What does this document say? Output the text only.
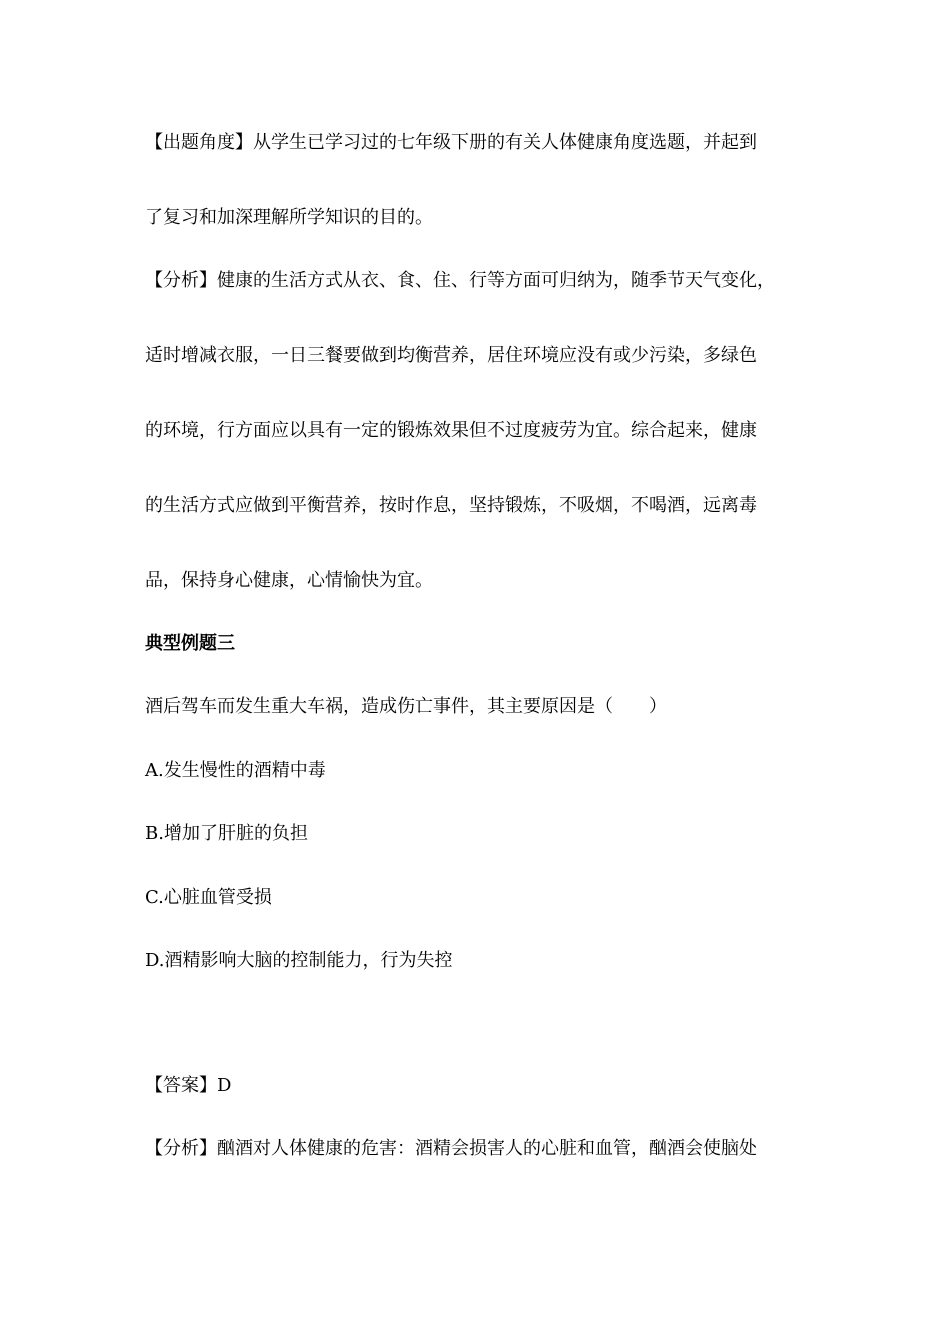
【出题角度】从学生已学习过的七年级下册的有关人体健康角度选题，并起到
了复习和加深理解所学知识的目的。
【分析】健康的生活方式从衣、食、住、行等方面可归纳为，随季节天气变化，
适时增减衣服，一日三餐要做到均衡营养，居住环境应没有或少污染，多绿色
的环境，行方面应以具有一定的锻炼效果但不过度疲劳为宜。综合起来，健康
的生活方式应做到平衡营养，按时作息，坚持锻炼，不吸烟，不喝酒，远离毒
品，保持身心健康，心情愉快为宜。
典型例题三
酒后驾车而发生重大车祸，造成伤亡事件，其主要原因是（　　）
A.发生慢性的酒精中毒
B.增加了肝脏的负担
C.心脏血管受损
D.酒精影响大脑的控制能力，行为失控
【答案】D
【分析】酗酒对人体健康的危害：酒精会损害人的心脏和血管，酗酒会使脑处
